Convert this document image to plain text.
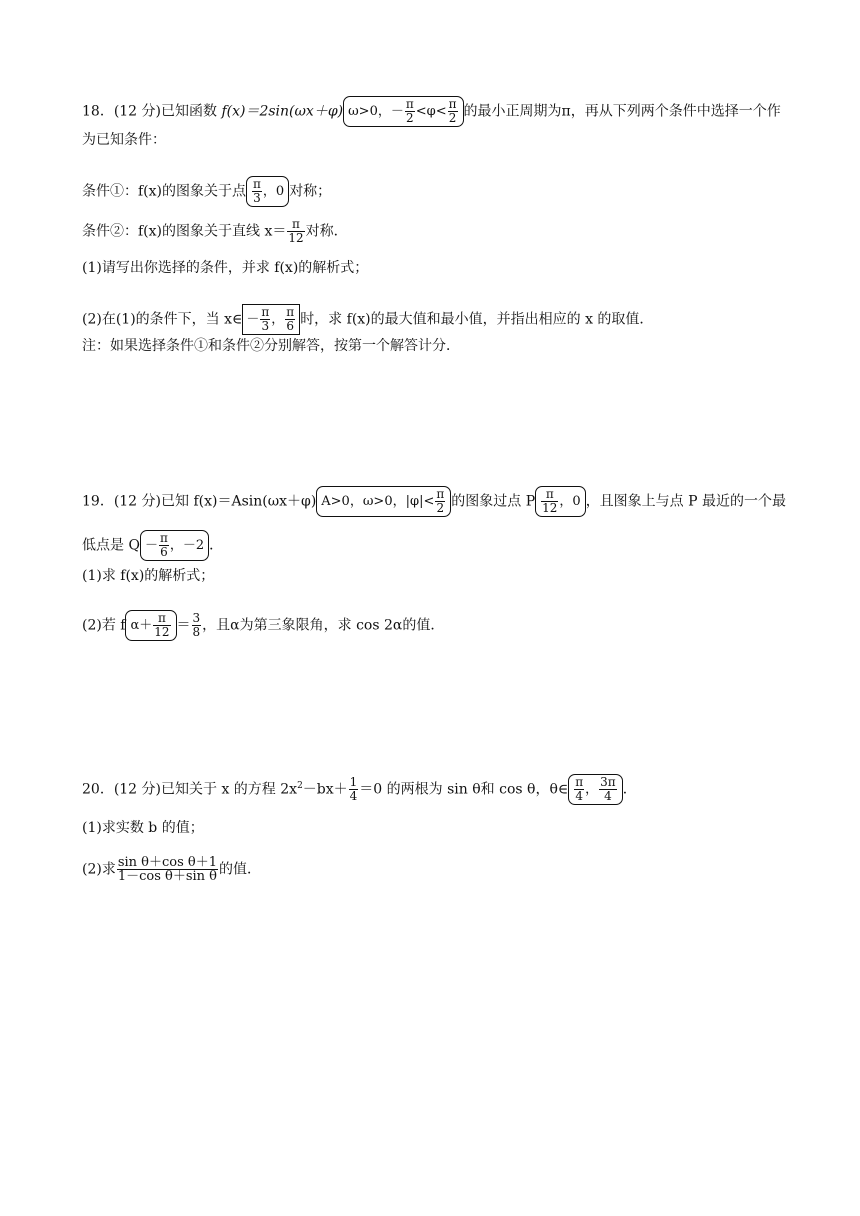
18．(12 分)已知函数 f(x)＝2sin(ωx＋φ) ω>0，－ $\frac{\pi}{2} <\varphi< \frac{\pi}{2}$ 的最小正周期为π，再从下列两个条件中选择一个作
为已知条件：
条件①：f(x)的图象关于点 $\frac{\pi}{3}$ ，0 对称；
条件②：f(x)的图象关于直线 $x= \frac{\pi}{12}$ 对称．
(1)请写出你选择的条件，并求 f(x)的解析式；
(2)在(1)的条件下，当 x∈ － $\frac{\pi}{3}$ ， $\frac{\pi}{6}$ 时，求 f(x)的最大值和最小值，并指出相应的 x 的取值．
注：如果选择条件①和条件②分别解答，按第一个解答计分．
19．(12 分)已知 f(x)＝Asin(ωx＋φ) A>0，ω>0，$|\varphi|< \frac{\pi}{2}$ 的图象过点 P $\frac{\pi}{12}$ ，0 ，且图象上与点 P 最近的一个最
低点是 $Q - \frac{\pi}{6}$ ，－2 ．
(1)求 f(x)的解析式；
(2)若 f $\alpha+ \frac{\pi}{12} = \frac{3}{8}$ ，且α为第三象限角，求 cos 2α的值．
20．(12 分)已知关于 x 的方程 $2x^2-bx+ \frac{1}{4} =0$ 的两根为 sin θ和 cos θ，θ∈ $\frac{\pi}{4}$ ， $\frac{3\pi}{4}$ ．
(1)求实数 b 的值；
(2)求 $\frac{\text{sin θ＋cos θ＋1}}{\text{1－cos θ＋sin θ}}$ 的值．
